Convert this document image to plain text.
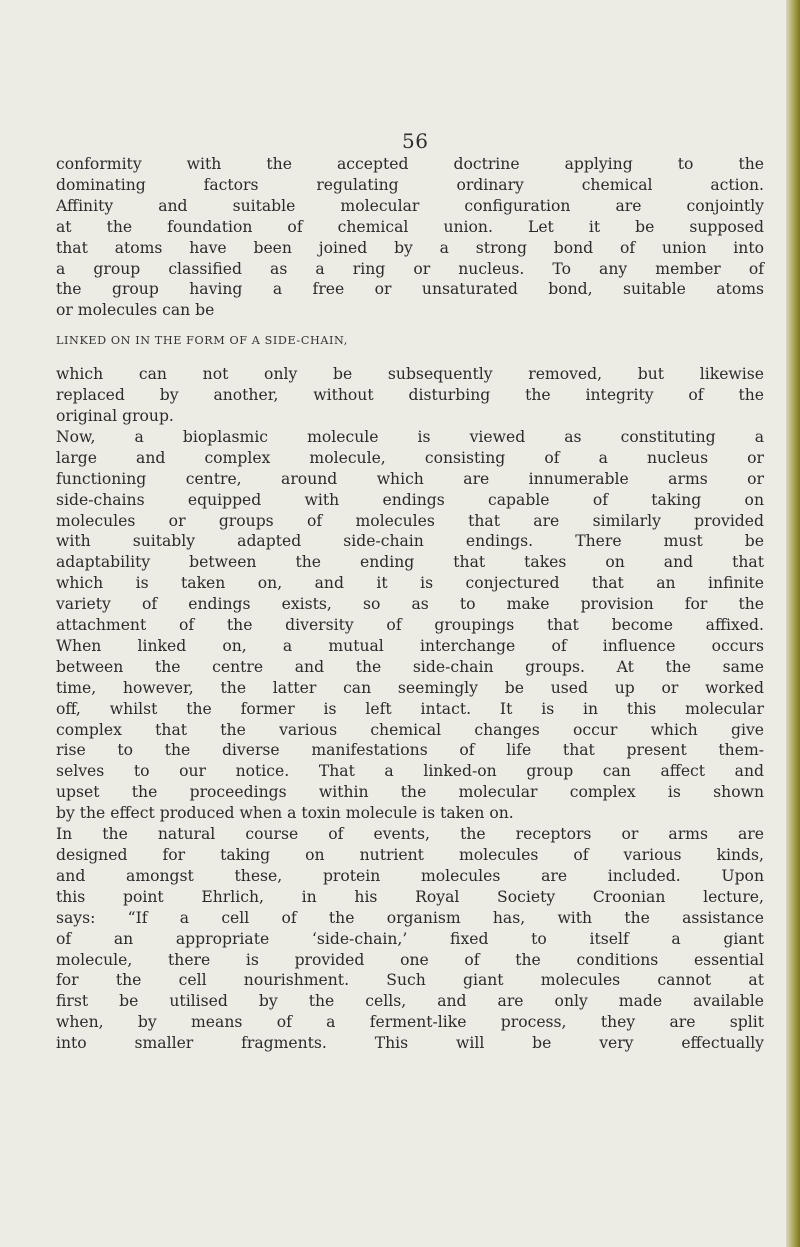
56
conformity with the accepted doctrine applying to the
dominating factors regulating ordinary chemical action.
Affinity and suitable molecular configuration are conjointly
at the foundation of chemical union. Let it be supposed
that atoms have been joined by a strong bond of union into
a group classified as a ring or nucleus. To any member of
the group having a free or unsaturated bond, suitable atoms
or molecules can be
LINKED ON IN THE FORM OF A SIDE-CHAIN,
which can not only be subsequently removed, but likewise
replaced by another, without disturbing the integrity of the
original group.
Now, a bioplasmic molecule is viewed as constituting a
large and complex molecule, consisting of a nucleus or
functioning centre, around which are innumerable arms or
side-chains equipped with endings capable of taking on
molecules or groups of molecules that are similarly provided
with suitably adapted side-chain endings. There must be
adaptability between the ending that takes on and that
which is taken on, and it is conjectured that an infinite
variety of endings exists, so as to make provision for the
attachment of the diversity of groupings that become affixed.
When linked on, a mutual interchange of influence occurs
between the centre and the side-chain groups. At the same
time, however, the latter can seemingly be used up or worked
off, whilst the former is left intact. It is in this molecular
complex that the various chemical changes occur which give
rise to the diverse manifestations of life that present them-
selves to our notice. That a linked-on group can affect and
upset the proceedings within the molecular complex is shown
by the effect produced when a toxin molecule is taken on.
In the natural course of events, the receptors or arms are
designed for taking on nutrient molecules of various kinds,
and amongst these, protein molecules are included. Upon
this point Ehrlich, in his Royal Society Croonian lecture,
says: “If a cell of the organism has, with the assistance
of an appropriate ‘side-chain,’ fixed to itself a giant
molecule, there is provided one of the conditions essential
for the cell nourishment. Such giant molecules cannot at
first be utilised by the cells, and are only made available
when, by means of a ferment-like process, they are split
into smaller fragments. This will be very effectually
